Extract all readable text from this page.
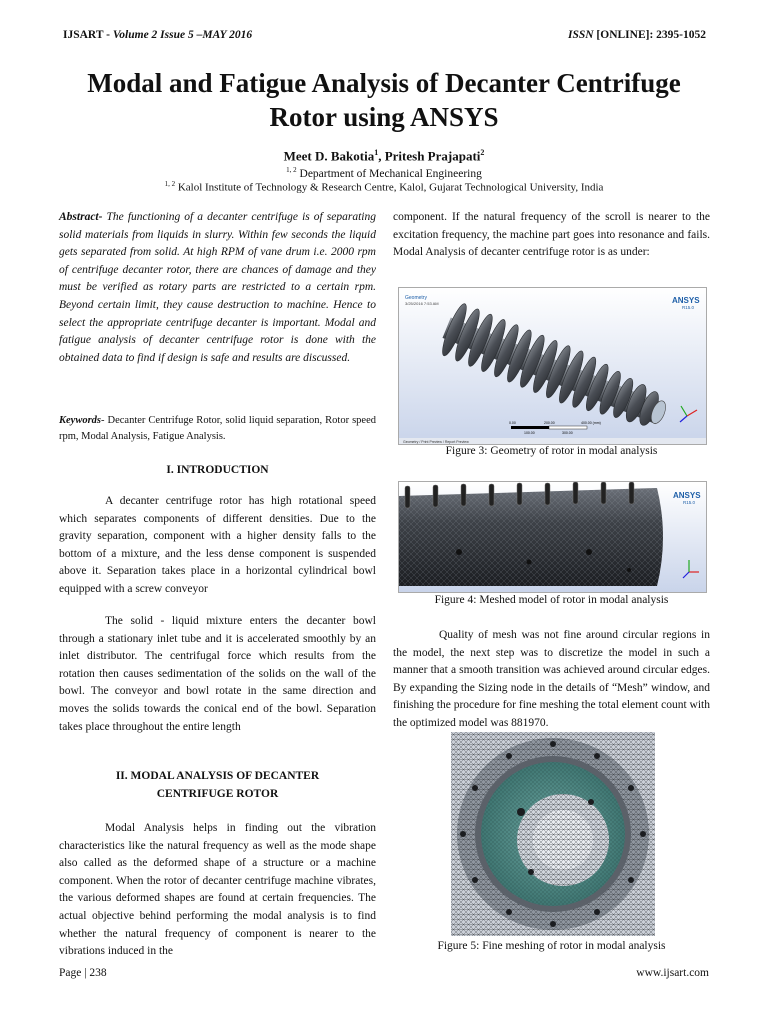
IJSART - Volume 2 Issue 5 –MAY 2016	ISSN [ONLINE]: 2395-1052
Modal and Fatigue Analysis of Decanter Centrifuge
Rotor using ANSYS
Meet D. Bakotia$^1$, Pritesh Prajapati$^2$
$^{1, 2}$ Department of Mechanical Engineering
$^{1, 2}$ Kalol Institute of Technology & Research Centre, Kalol, Gujarat Technological University, India
Abstract- The functioning of a decanter centrifuge is of separating solid materials from liquids in slurry. Within few seconds the liquid gets separated from solid. At high RPM of vane drum i.e. 2000 rpm of centrifuge decanter rotor, there are chances of damage and they must be verified as rotary parts are restricted to a certain rpm. Beyond certain limit, they cause destruction to machine. Hence to select the appropriate centrifuge decanter is important. Modal and fatigue analysis of decanter centrifuge rotor is done with the obtained data to find if design is safe and results are discussed.
Keywords- Decanter Centrifuge Rotor, solid liquid separation, Rotor speed rpm, Modal Analysis, Fatigue Analysis.
I. INTRODUCTION
A decanter centrifuge rotor has high rotational speed which separates components of different densities. Due to the gravity separation, component with a higher density falls to the bottom of a mixture, and the less dense component is suspended above it. Separation takes place in a horizontal cylindrical bowl equipped with a screw conveyor
The solid - liquid mixture enters the decanter bowl through a stationary inlet tube and it is accelerated smoothly by an inlet distributor. The centrifugal force which results from the rotation then causes sedimentation of the solids on the wall of the bowl. The conveyor and bowl rotate in the same direction and moves the solids towards the conical end of the bowl. Separation takes place throughout the entire length
II. MODAL ANALYSIS OF DECANTER
CENTRIFUGE ROTOR
Modal Analysis helps in finding out the vibration characteristics like the natural frequency as well as the mode shape also called as the deformed shape of a structure or a machine component. When the rotor of decanter centrifuge machine vibrates, the various deformed shapes are found at certain frequencies. The actual objective behind performing the modal analysis is to find whether the natural frequency of component is nearer to the vibrations induced in the
component. If the natural frequency of the scroll is nearer to the excitation frequency, the machine part goes into resonance and fails. Modal Analysis of decanter centrifuge rotor is as under:
Geometry
3/25/2016 7:53 AM	ANSYS
R15.0
0.00	200.00	400.00 (mm)
100.00	300.00
Geometry / Print Preview / Report Preview
Figure 3: Geometry of rotor in modal analysis
ANSYS
R15.0
Figure 4: Meshed model of rotor in modal analysis
Quality of mesh was not fine around circular regions in the model, the next step was to discretize the model in such a manner that a smooth transition was achieved around circular edges. By expanding the Sizing node in the details of “Mesh” window, and finishing the procedure for fine meshing the total element count with the optimized model was 881970.
Figure 5: Fine meshing of rotor in modal analysis
Page | 238	www.ijsart.com
